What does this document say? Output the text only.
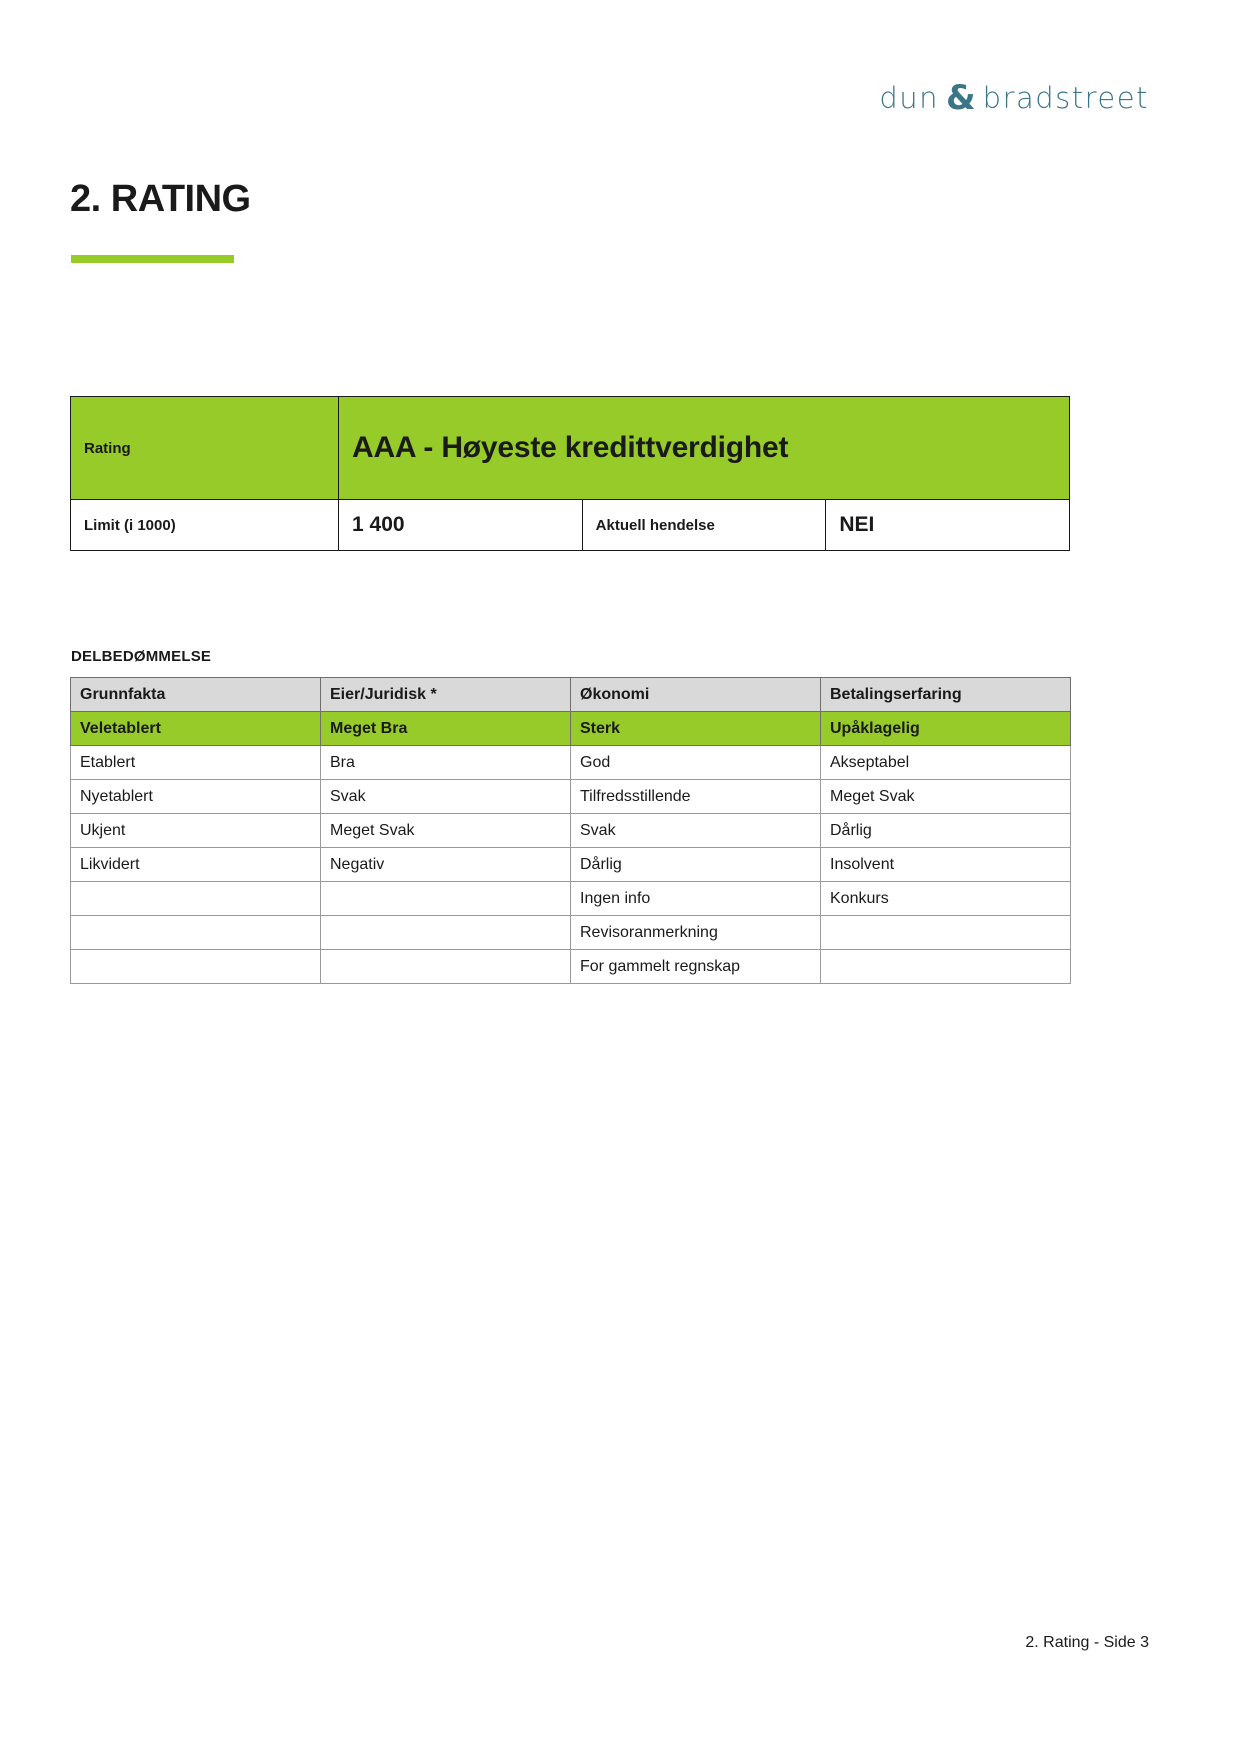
dun & bradstreet
2. RATING
Rating	AAA - Høyeste kredittverdighet		
Limit (i 1000)	1 400	Aktuell hendelse	NEI
DELBEDØMMELSE
Grunnfakta	Eier/Juridisk *	Økonomi	Betalingserfaring
Veletablert	Meget Bra	Sterk	Upåklagelig
Etablert	Bra	God	Akseptabel
Nyetablert	Svak	Tilfredsstillende	Meget Svak
Ukjent	Meget Svak	Svak	Dårlig
Likvidert	Negativ	Dårlig	Insolvent
		Ingen info	Konkurs
		Revisoranmerkning	
		For gammelt regnskap	
2. Rating - Side 3
